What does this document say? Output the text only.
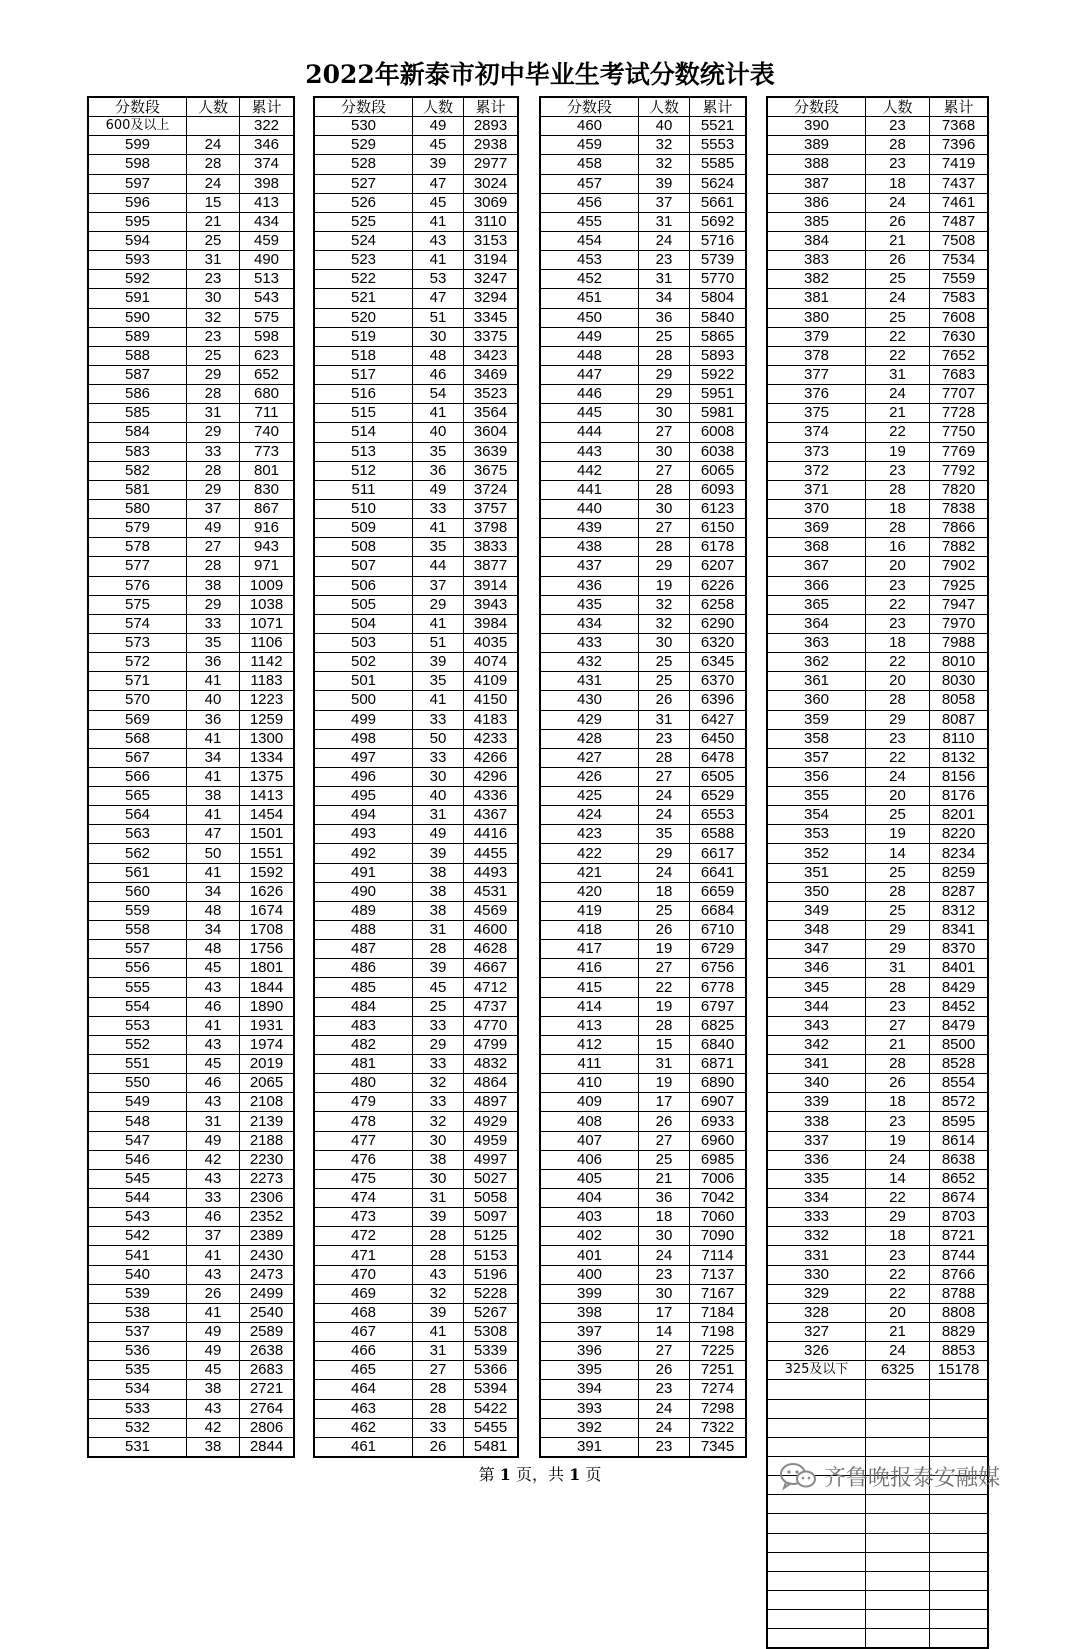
2022年新泰市初中毕业生考试分数统计表
分数段	人数	累计
600及以上		322
599	24	346
598	28	374
597	24	398
596	15	413
595	21	434
594	25	459
593	31	490
592	23	513
591	30	543
590	32	575
589	23	598
588	25	623
587	29	652
586	28	680
585	31	711
584	29	740
583	33	773
582	28	801
581	29	830
580	37	867
579	49	916
578	27	943
577	28	971
576	38	1009
575	29	1038
574	33	1071
573	35	1106
572	36	1142
571	41	1183
570	40	1223
569	36	1259
568	41	1300
567	34	1334
566	41	1375
565	38	1413
564	41	1454
563	47	1501
562	50	1551
561	41	1592
560	34	1626
559	48	1674
558	34	1708
557	48	1756
556	45	1801
555	43	1844
554	46	1890
553	41	1931
552	43	1974
551	45	2019
550	46	2065
549	43	2108
548	31	2139
547	49	2188
546	42	2230
545	43	2273
544	33	2306
543	46	2352
542	37	2389
541	41	2430
540	43	2473
539	26	2499
538	41	2540
537	49	2589
536	49	2638
535	45	2683
534	38	2721
533	43	2764
532	42	2806
531	38	2844
分数段	人数	累计
530	49	2893
529	45	2938
528	39	2977
527	47	3024
526	45	3069
525	41	3110
524	43	3153
523	41	3194
522	53	3247
521	47	3294
520	51	3345
519	30	3375
518	48	3423
517	46	3469
516	54	3523
515	41	3564
514	40	3604
513	35	3639
512	36	3675
511	49	3724
510	33	3757
509	41	3798
508	35	3833
507	44	3877
506	37	3914
505	29	3943
504	41	3984
503	51	4035
502	39	4074
501	35	4109
500	41	4150
499	33	4183
498	50	4233
497	33	4266
496	30	4296
495	40	4336
494	31	4367
493	49	4416
492	39	4455
491	38	4493
490	38	4531
489	38	4569
488	31	4600
487	28	4628
486	39	4667
485	45	4712
484	25	4737
483	33	4770
482	29	4799
481	33	4832
480	32	4864
479	33	4897
478	32	4929
477	30	4959
476	38	4997
475	30	5027
474	31	5058
473	39	5097
472	28	5125
471	28	5153
470	43	5196
469	32	5228
468	39	5267
467	41	5308
466	31	5339
465	27	5366
464	28	5394
463	28	5422
462	33	5455
461	26	5481
分数段	人数	累计
460	40	5521
459	32	5553
458	32	5585
457	39	5624
456	37	5661
455	31	5692
454	24	5716
453	23	5739
452	31	5770
451	34	5804
450	36	5840
449	25	5865
448	28	5893
447	29	5922
446	29	5951
445	30	5981
444	27	6008
443	30	6038
442	27	6065
441	28	6093
440	30	6123
439	27	6150
438	28	6178
437	29	6207
436	19	6226
435	32	6258
434	32	6290
433	30	6320
432	25	6345
431	25	6370
430	26	6396
429	31	6427
428	23	6450
427	28	6478
426	27	6505
425	24	6529
424	24	6553
423	35	6588
422	29	6617
421	24	6641
420	18	6659
419	25	6684
418	26	6710
417	19	6729
416	27	6756
415	22	6778
414	19	6797
413	28	6825
412	15	6840
411	31	6871
410	19	6890
409	17	6907
408	26	6933
407	27	6960
406	25	6985
405	21	7006
404	36	7042
403	18	7060
402	30	7090
401	24	7114
400	23	7137
399	30	7167
398	17	7184
397	14	7198
396	27	7225
395	26	7251
394	23	7274
393	24	7298
392	24	7322
391	23	7345
分数段	人数	累计
390	23	7368
389	28	7396
388	23	7419
387	18	7437
386	24	7461
385	26	7487
384	21	7508
383	26	7534
382	25	7559
381	24	7583
380	25	7608
379	22	7630
378	22	7652
377	31	7683
376	24	7707
375	21	7728
374	22	7750
373	19	7769
372	23	7792
371	28	7820
370	18	7838
369	28	7866
368	16	7882
367	20	7902
366	23	7925
365	22	7947
364	23	7970
363	18	7988
362	22	8010
361	20	8030
360	28	8058
359	29	8087
358	23	8110
357	22	8132
356	24	8156
355	20	8176
354	25	8201
353	19	8220
352	14	8234
351	25	8259
350	28	8287
349	25	8312
348	29	8341
347	29	8370
346	31	8401
345	28	8429
344	23	8452
343	27	8479
342	21	8500
341	28	8528
340	26	8554
339	18	8572
338	23	8595
337	19	8614
336	24	8638
335	14	8652
334	22	8674
333	29	8703
332	18	8721
331	23	8744
330	22	8766
329	22	8788
328	20	8808
327	21	8829
326	24	8853
325及以下	6325	15178

第 1 页，共 1 页	齐鲁晚报泰安融媒
